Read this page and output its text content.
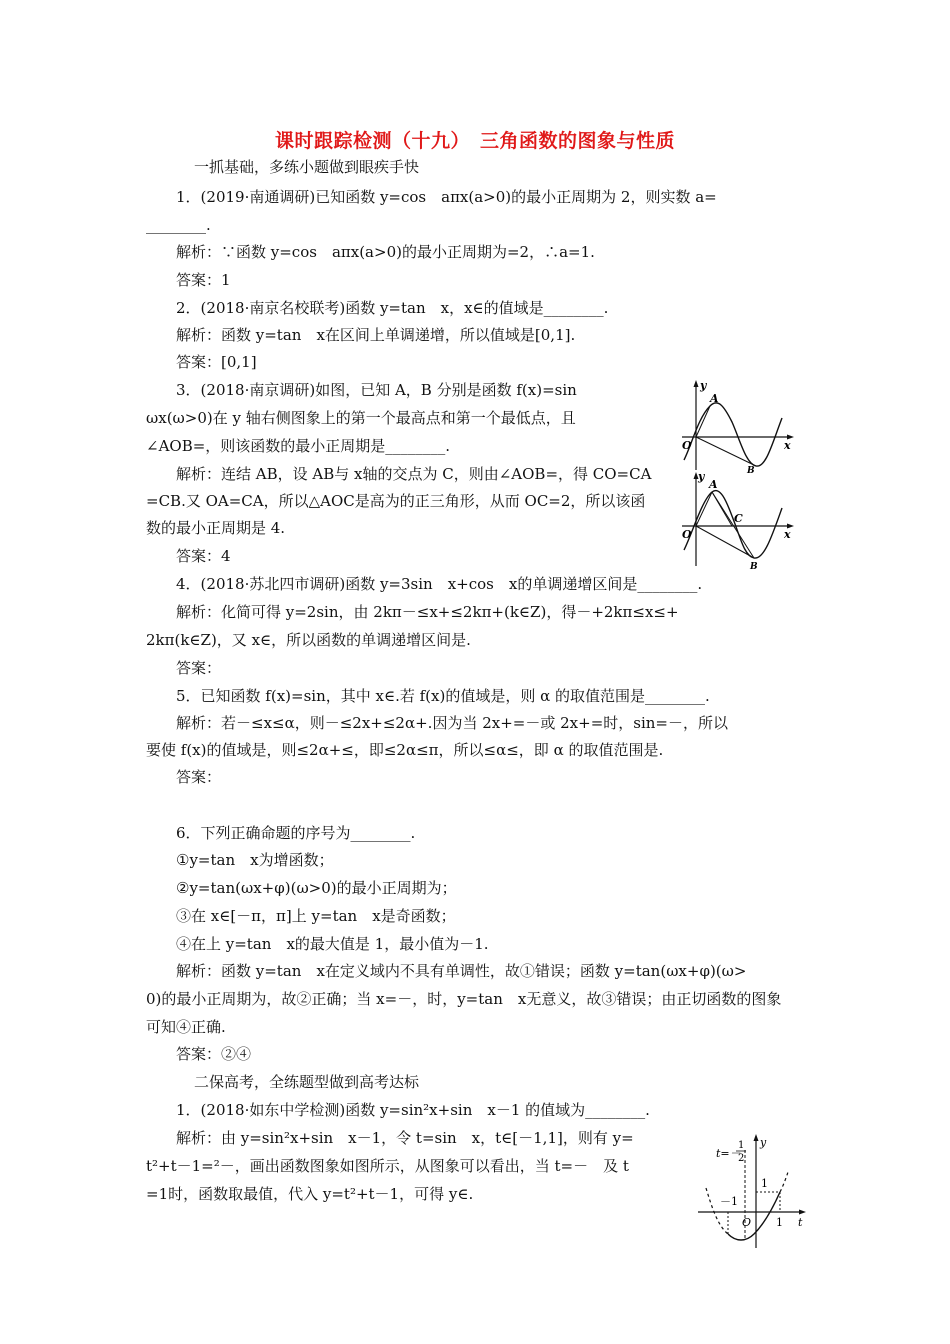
课时跟踪检测（十九）　三角函数的图象与性质
一抓基础，多练小题做到眼疾手快
1．(2019·南通调研)已知函数 y=cos　aπx(a>0)的最小正周期为 2，则实数 a=
________.
解析：∵函数 y=cos　aπx(a>0)的最小正周期为=2，∴a=1.
答案：1
2．(2018·南京名校联考)函数 y=tan　x，x∈的值域是________.
解析：函数 y=tan　x在区间上单调递增，所以值域是[0,1].
答案：[0,1]
3．(2018·南京调研)如图，已知 A，B 分别是函数 f(x)=sin
ωx(ω>0)在 y 轴右侧图象上的第一个最高点和第一个最低点，且
∠AOB=，则该函数的最小正周期是________.
解析：连结 AB，设 AB与 x轴的交点为 C，则由∠AOB=，得 CO=CA
=CB.又 OA=CA，所以△AOC是高为的正三角形，从而 OC=2，所以该函
数的最小正周期是 4.
答案：4
4．(2018·苏北四市调研)函数 y=3sin　x+cos　x的单调递增区间是________.
解析：化简可得 y=2sin，由 2kπ－≤x+≤2kπ+(k∈Z)，得－+2kπ≤x≤+
2kπ(k∈Z)，又 x∈，所以函数的单调递增区间是.
答案：
5．已知函数 f(x)=sin，其中 x∈.若 f(x)的值域是，则 α 的取值范围是________.
解析：若－≤x≤α，则－≤2x+≤2α+.因为当 2x+=－或 2x+=时，sin=－，所以
要使 f(x)的值域是，则≤2α+≤，即≤2α≤π，所以≤α≤，即 α 的取值范围是.
答案：
6．下列正确命题的序号为________.
①y=tan　x为增函数；
②y=tan(ωx+φ)(ω>0)的最小正周期为；
③在 x∈[－π，π]上 y=tan　x是奇函数；
④在上 y=tan　x的最大值是 1，最小值为－1.
解析：函数 y=tan　x在定义域内不具有单调性，故①错误；函数 y=tan(ωx+φ)(ω>
0)的最小正周期为，故②正确；当 x=－，时，y=tan　x无意义，故③错误；由正切函数的图象
可知④正确.
答案：②④
二保高考，全练题型做到高考达标
1．(2018·如东中学检测)函数 y=sin²x+sin　x－1 的值域为________.
解析：由 y=sin²x+sin　x－1，令 t=sin　x，t∈[－1,1]，则有 y=
t²+t－1=²－，画出函数图象如图所示，从图象可以看出，当 t=－　及 t
=1时，函数取最值，代入 y=t²+t－1，可得 y∈.
y
A
O	x
B
y
A
C
O	x
B
t=－
1
2
y
－1
1
O 1 t
